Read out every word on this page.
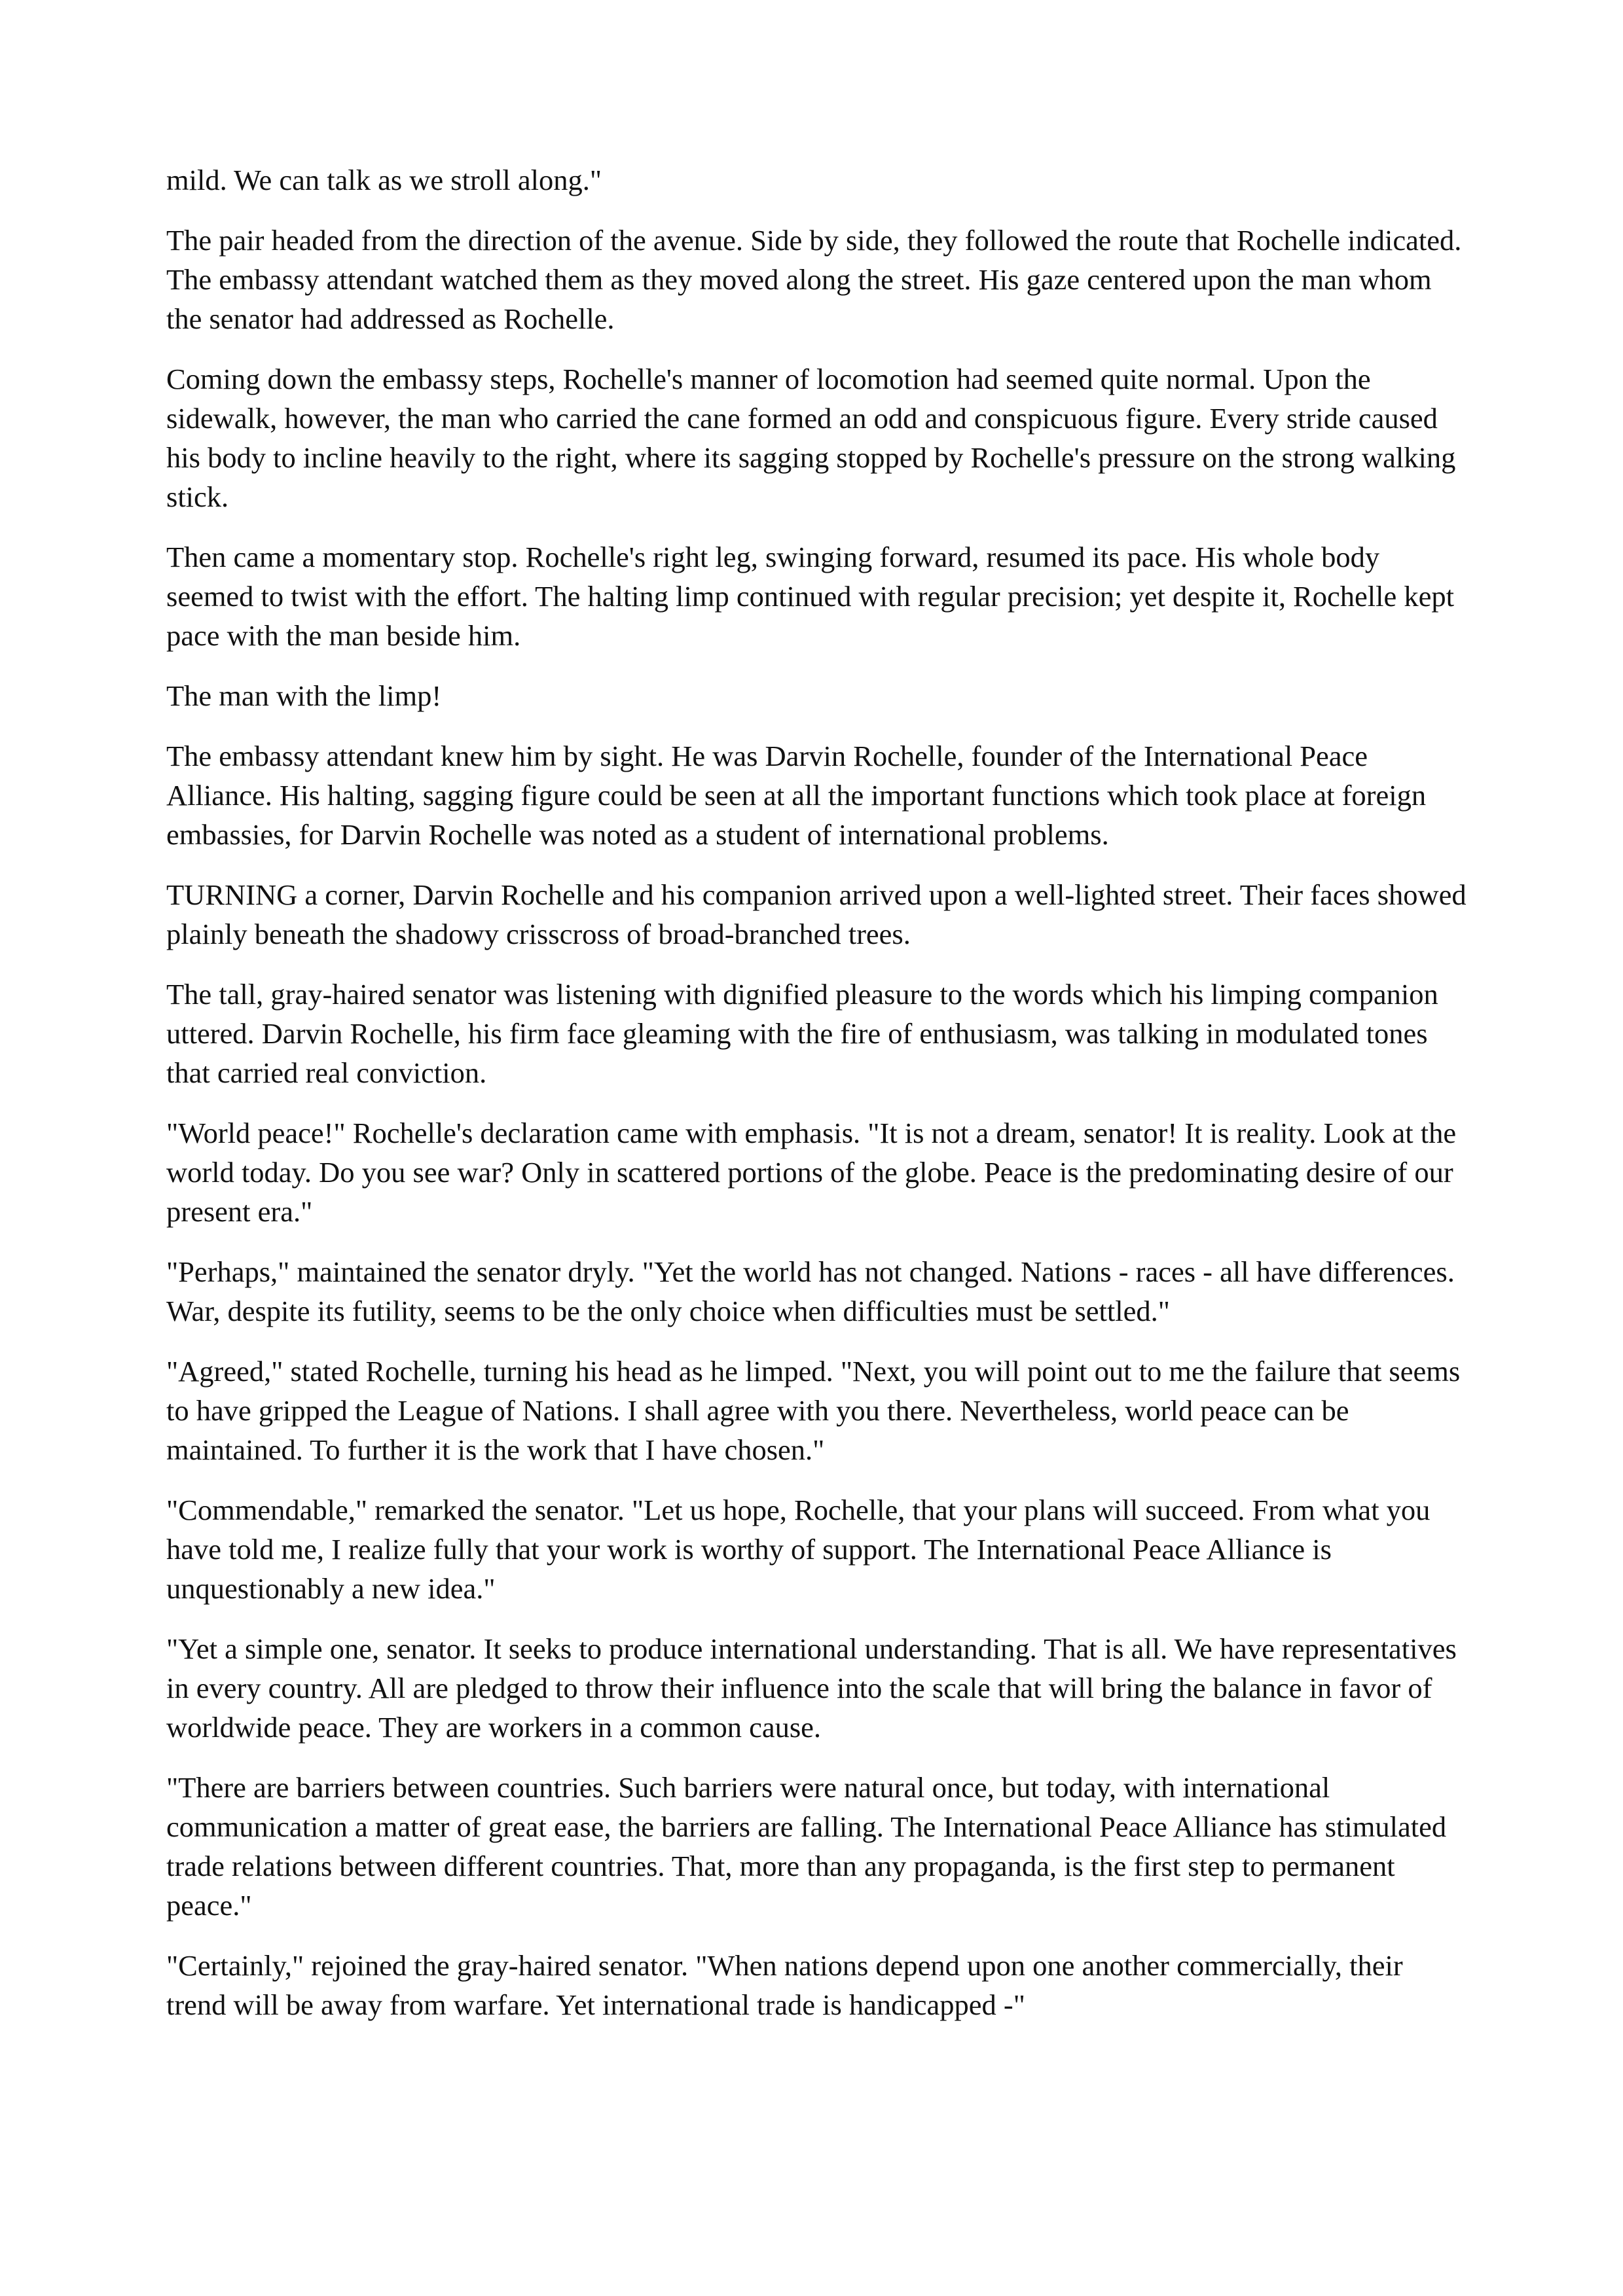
mild. We can talk as we stroll along."

The pair headed from the direction of the avenue. Side by side, they followed the route that Rochelle indicated. The embassy attendant watched them as they moved along the street. His gaze centered upon the man whom the senator had addressed as Rochelle.

Coming down the embassy steps, Rochelle's manner of locomotion had seemed quite normal. Upon the sidewalk, however, the man who carried the cane formed an odd and conspicuous figure. Every stride caused his body to incline heavily to the right, where its sagging stopped by Rochelle's pressure on the strong walking stick.

Then came a momentary stop. Rochelle's right leg, swinging forward, resumed its pace. His whole body seemed to twist with the effort. The halting limp continued with regular precision; yet despite it, Rochelle kept pace with the man beside him.

The man with the limp!

The embassy attendant knew him by sight. He was Darvin Rochelle, founder of the International Peace Alliance. His halting, sagging figure could be seen at all the important functions which took place at foreign embassies, for Darvin Rochelle was noted as a student of international problems.

TURNING a corner, Darvin Rochelle and his companion arrived upon a well-lighted street. Their faces showed plainly beneath the shadowy crisscross of broad-branched trees.

The tall, gray-haired senator was listening with dignified pleasure to the words which his limping companion uttered. Darvin Rochelle, his firm face gleaming with the fire of enthusiasm, was talking in modulated tones that carried real conviction.

"World peace!" Rochelle's declaration came with emphasis. "It is not a dream, senator! It is reality. Look at the world today. Do you see war? Only in scattered portions of the globe. Peace is the predominating desire of our present era."

"Perhaps," maintained the senator dryly. "Yet the world has not changed. Nations - races - all have differences. War, despite its futility, seems to be the only choice when difficulties must be settled."

"Agreed," stated Rochelle, turning his head as he limped. "Next, you will point out to me the failure that seems to have gripped the League of Nations. I shall agree with you there. Nevertheless, world peace can be maintained. To further it is the work that I have chosen."

"Commendable," remarked the senator. "Let us hope, Rochelle, that your plans will succeed. From what you have told me, I realize fully that your work is worthy of support. The International Peace Alliance is unquestionably a new idea."

"Yet a simple one, senator. It seeks to produce international understanding. That is all. We have representatives in every country. All are pledged to throw their influence into the scale that will bring the balance in favor of worldwide peace. They are workers in a common cause.

"There are barriers between countries. Such barriers were natural once, but today, with international communication a matter of great ease, the barriers are falling. The International Peace Alliance has stimulated trade relations between different countries. That, more than any propaganda, is the first step to permanent peace."

"Certainly," rejoined the gray-haired senator. "When nations depend upon one another commercially, their trend will be away from warfare. Yet international trade is handicapped -"
